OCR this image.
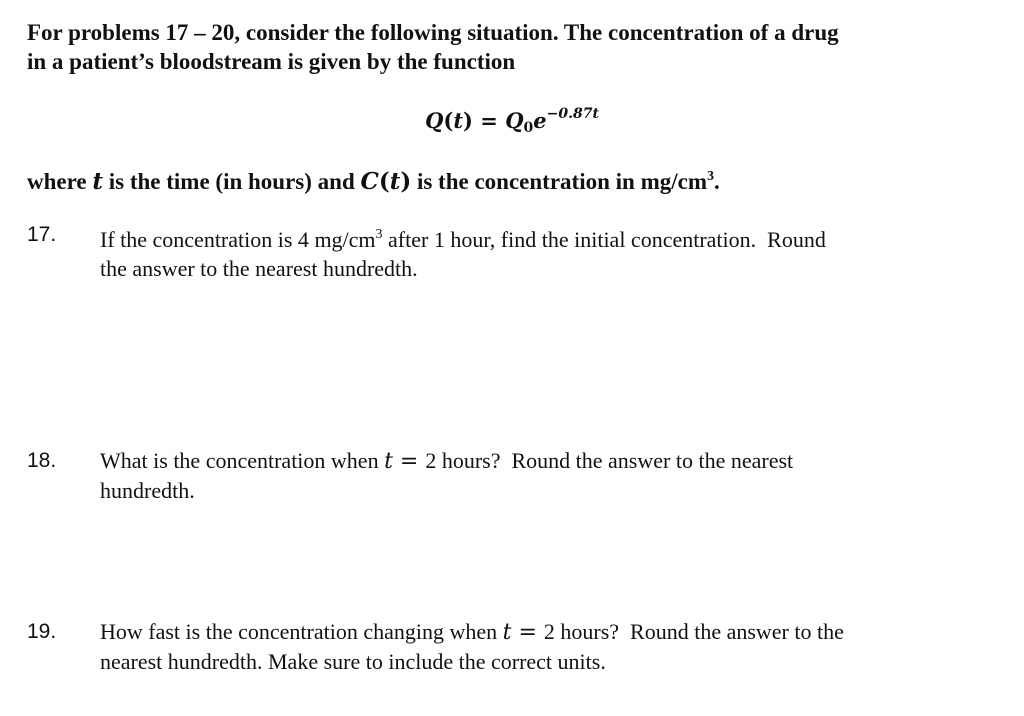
For problems 17 – 20, consider the following situation. The concentration of a drug
in a patient’s bloodstream is given by the function
$Q(t) = Q_0e^{-0.87t}$
where t is the time (in hours) and C(t) is the concentration in $mg/cm^3$.
17. If the concentration is 4 $mg/cm^3$ after 1 hour, find the initial concentration.  Round
the answer to the nearest hundredth.
18. What is the concentration when t = 2 hours?  Round the answer to the nearest
hundredth.
19. How fast is the concentration changing when t = 2 hours?  Round the answer to the
nearest hundredth. Make sure to include the correct units.
